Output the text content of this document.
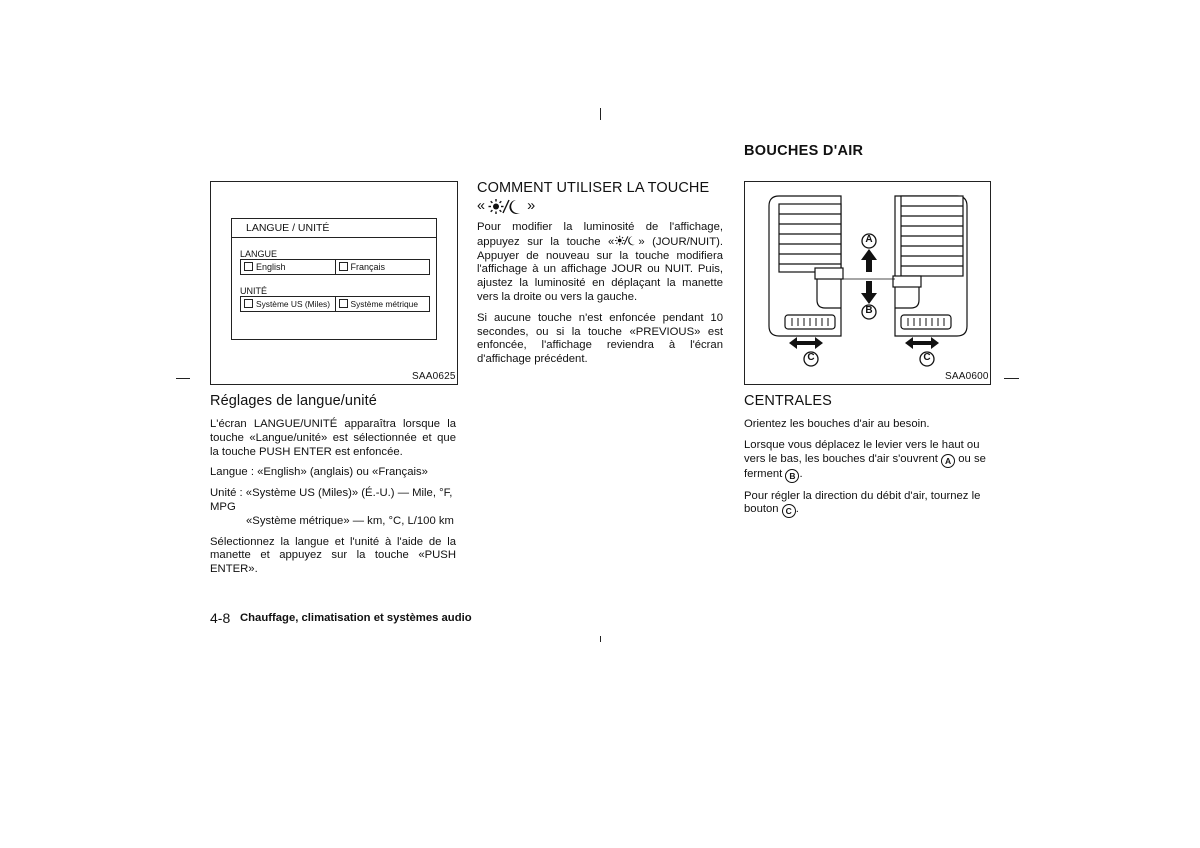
LANGUE / UNITÉ
LANGUE
English	Français
UNITÉ
Système US (Miles)	Système métrique
SAA0625
Réglages de langue/unité

L'écran LANGUE/UNITÉ apparaîtra lorsque la touche «Langue/unité» est sélectionnée et que la touche PUSH ENTER est enfoncée.

Langue : «English» (anglais) ou «Français»

Unité : «Système US (Miles)» (É.-U.) — Mile, °F, MPG

«Système métrique» — km, °C, L/100 km

Sélectionnez la langue et l'unité à l'aide de la manette et appuyez sur la touche «PUSH ENTER».

COMMENT UTILISER LA TOUCHE
«	»

Pour modifier la luminosité de l'affichage, appuyez sur la touche « » (JOUR/NUIT). Appuyer de nouveau sur la touche modifiera l'affichage à un affichage JOUR ou NUIT. Puis, ajustez la luminosité en déplaçant la manette vers la droite ou vers la gauche.

Si aucune touche n'est enfoncée pendant 10 secondes, ou si la touche «PREVIOUS» est enfoncée, l'affichage reviendra à l'écran d'affichage précédent.

BOUCHES D'AIR
A
B
C	C
SAA0600
CENTRALES

Orientez les bouches d'air au besoin.

Lorsque vous déplacez le levier vers le haut ou vers le bas, les bouches d'air s'ouvrent A ou se ferment B .

Pour régler la direction du débit d'air, tournez le bouton C .

4-8 Chauffage, climatisation et systèmes audio
